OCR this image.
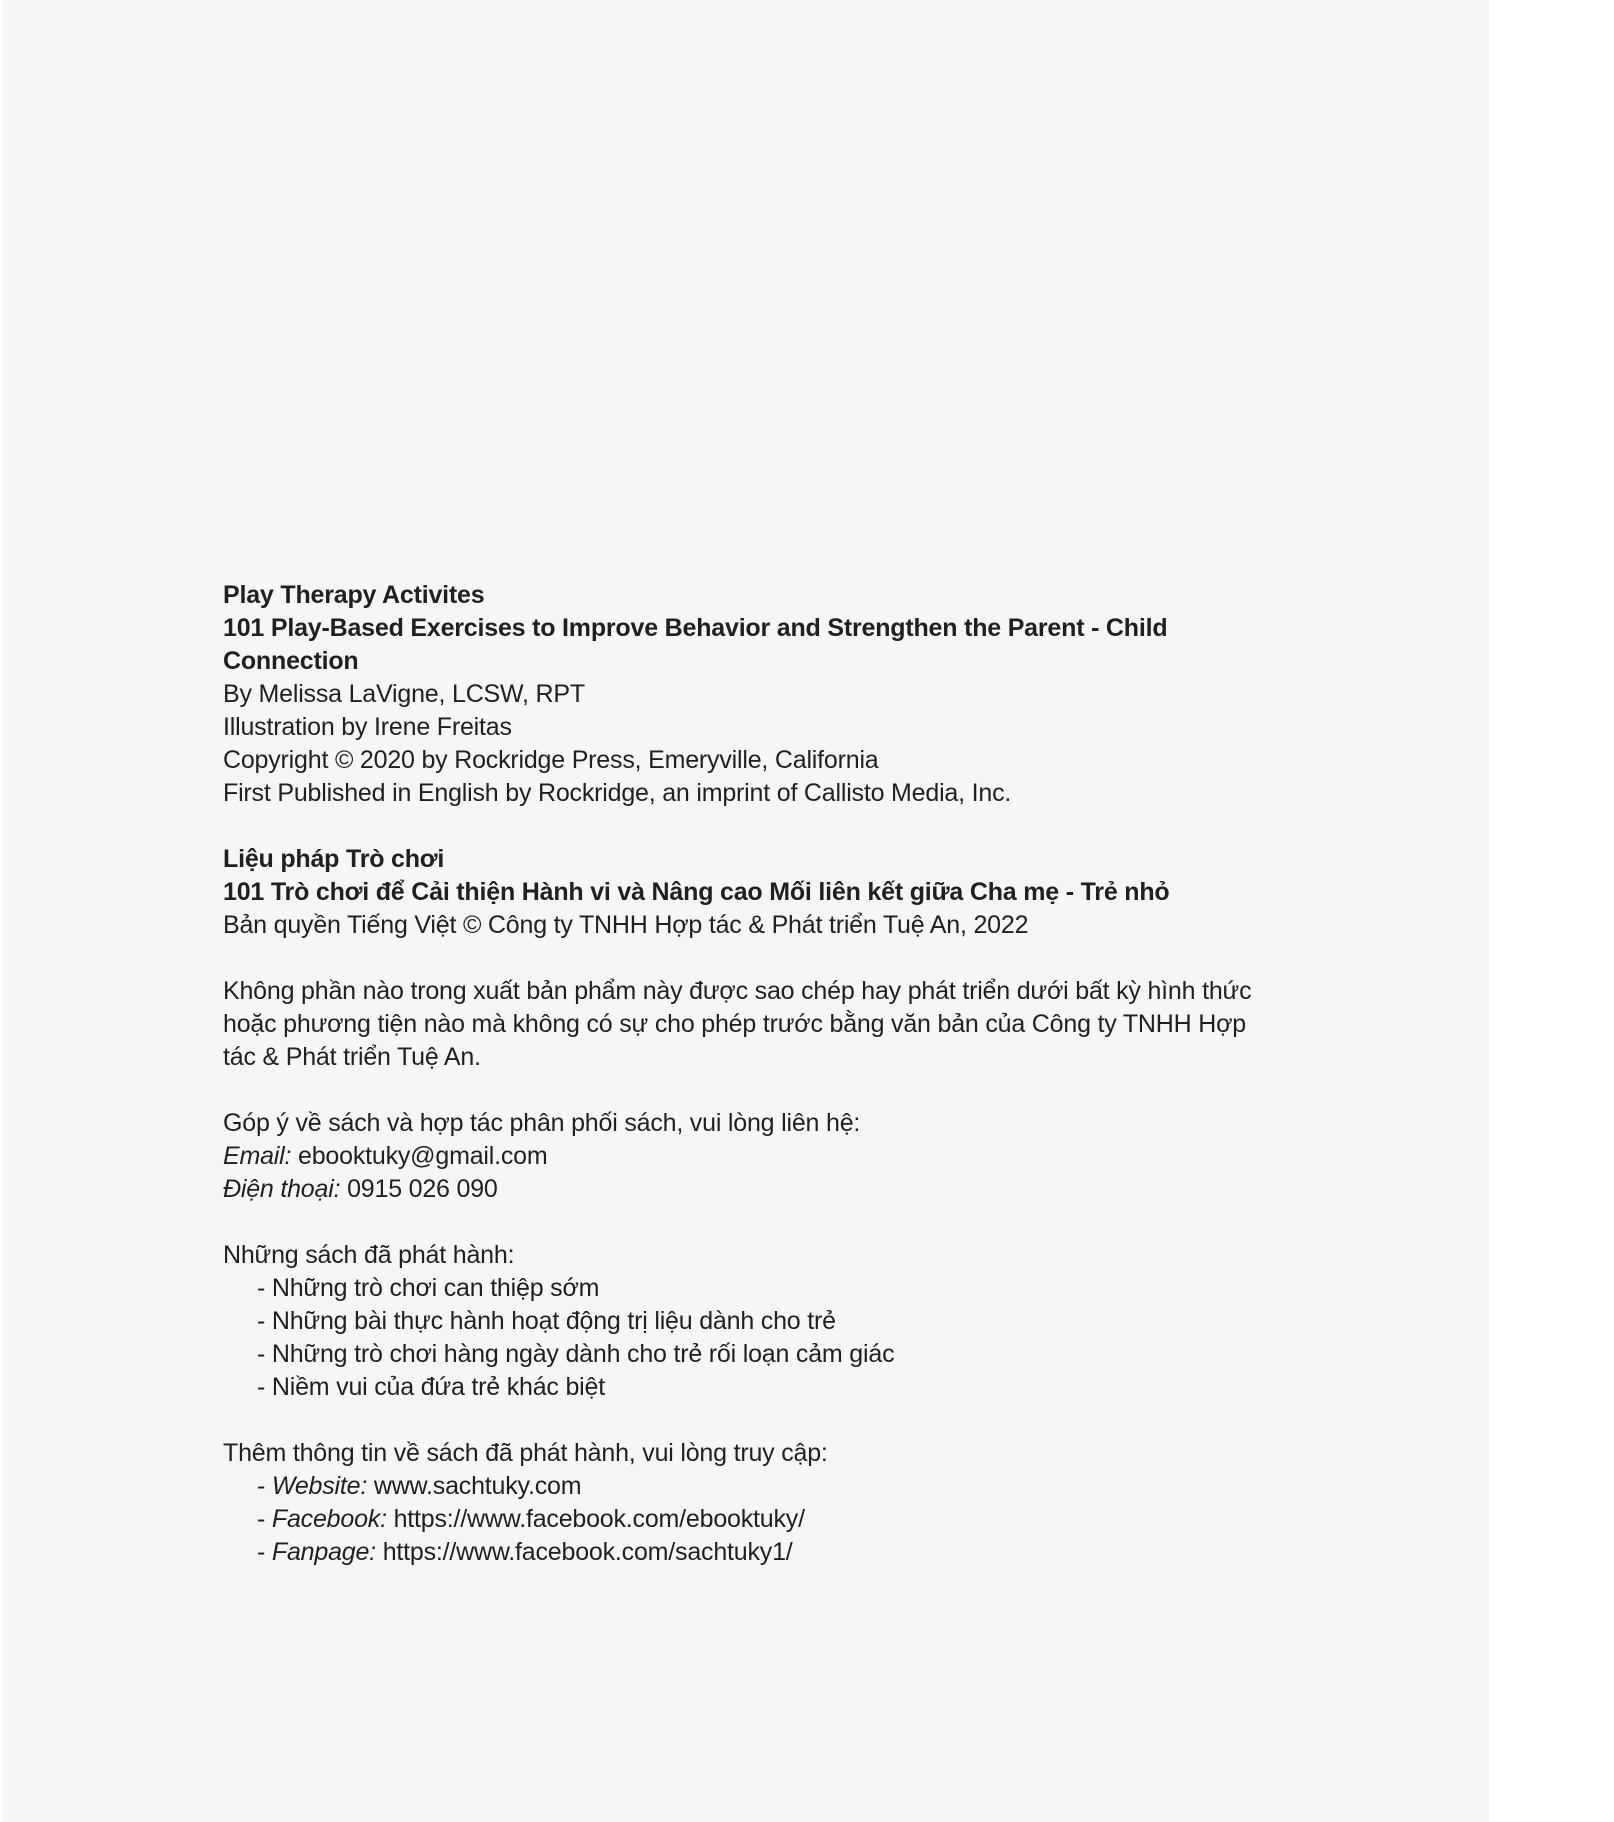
Play Therapy Activites
101 Play-Based Exercises to Improve Behavior and Strengthen the Parent - Child Connection
By Melissa LaVigne, LCSW, RPT
Illustration by Irene Freitas
Copyright © 2020 by Rockridge Press, Emeryville, California
First Published in English by Rockridge, an imprint of Callisto Media, Inc.
Liệu pháp Trò chơi
101 Trò chơi để Cải thiện Hành vi và Nâng cao Mối liên kết giữa Cha mẹ - Trẻ nhỏ
Bản quyền Tiếng Việt © Công ty TNHH Hợp tác & Phát triển Tuệ An, 2022
Không phần nào trong xuất bản phẩm này được sao chép hay phát triển dưới bất kỳ hình thức hoặc phương tiện nào mà không có sự cho phép trước bằng văn bản của Công ty TNHH Hợp tác & Phát triển Tuệ An.
Góp ý về sách và hợp tác phân phối sách, vui lòng liên hệ:
Email: ebooktuky@gmail.com
Điện thoại: 0915 026 090
Những sách đã phát hành:
- Những trò chơi can thiệp sớm
- Những bài thực hành hoạt động trị liệu dành cho trẻ
- Những trò chơi hàng ngày dành cho trẻ rối loạn cảm giác
- Niềm vui của đứa trẻ khác biệt
Thêm thông tin về sách đã phát hành, vui lòng truy cập:
- Website: www.sachtuky.com
- Facebook: https://www.facebook.com/ebooktuky/
- Fanpage: https://www.facebook.com/sachtuky1/
